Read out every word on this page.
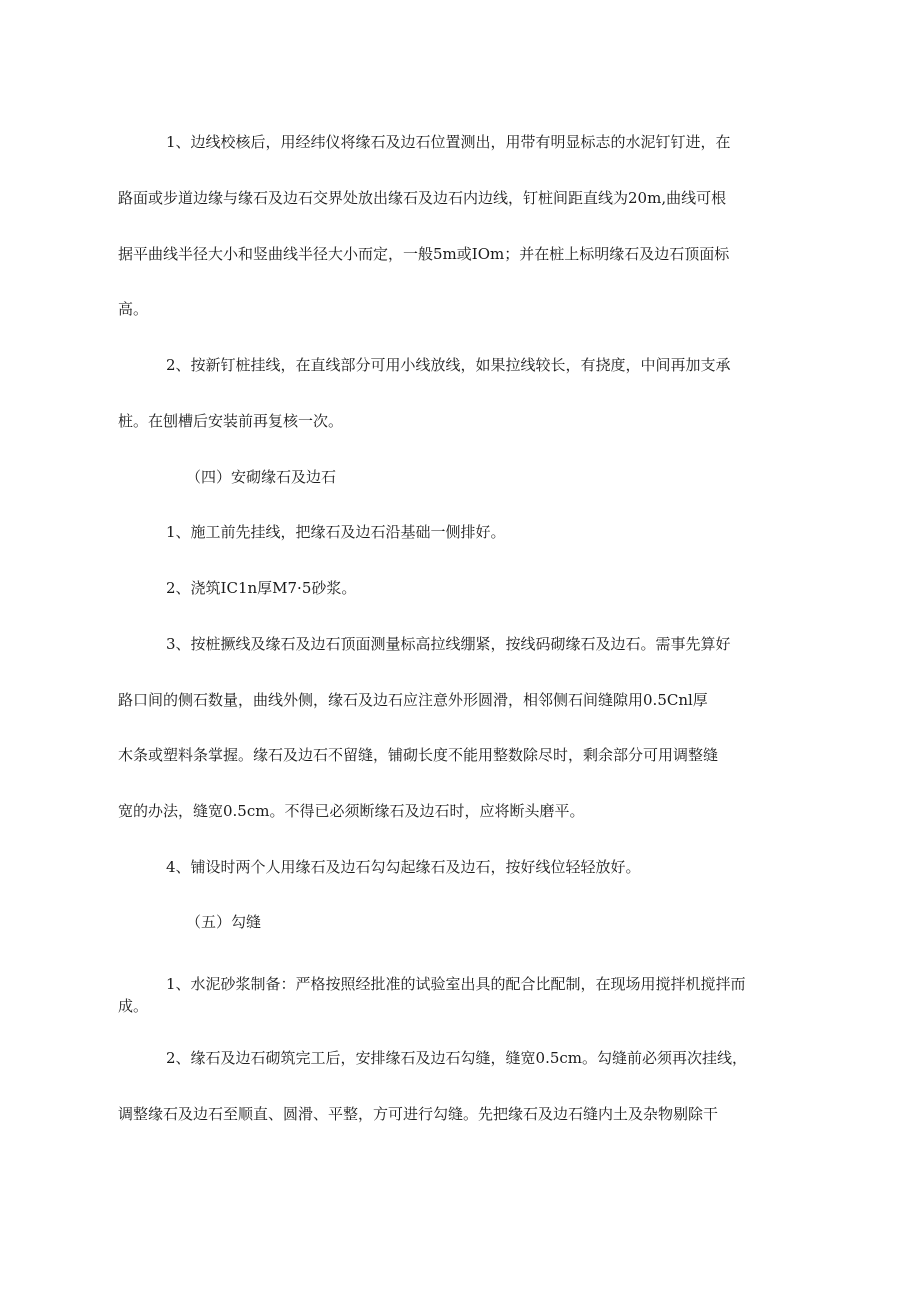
1、边线校核后，用经纬仪将缘石及边石位置测出，用带有明显标志的水泥钉钉进，在
路面或步道边缘与缘石及边石交界处放出缘石及边石内边线，钉桩间距直线为20m,曲线可根
据平曲线半径大小和竖曲线半径大小而定，一般5m或IOm；并在桩上标明缘石及边石顶面标
高。
2、按新钉桩挂线，在直线部分可用小线放线，如果拉线较长，有挠度，中间再加支承
桩。在刨槽后安装前再复核一次。
（四）安砌缘石及边石
1、施工前先挂线，把缘石及边石沿基础一侧排好。
2、浇筑IC1n厚M7·5砂浆。
3、按桩撅线及缘石及边石顶面测量标高拉线绷紧，按线码砌缘石及边石。需事先算好
路口间的侧石数量，曲线外侧，缘石及边石应注意外形圆滑，相邻侧石间缝隙用0.5Cnl厚
木条或塑料条掌握。缘石及边石不留缝，铺砌长度不能用整数除尽时，剩余部分可用调整缝
宽的办法，缝宽0.5cm。不得已必须断缘石及边石时，应将断头磨平。
4、铺设时两个人用缘石及边石勾勾起缘石及边石，按好线位轻轻放好。
（五）勾缝
1、水泥砂浆制备：严格按照经批准的试验室出具的配合比配制，在现场用搅拌机搅拌而
成。
2、缘石及边石砌筑完工后，安排缘石及边石勾缝，缝宽0.5cm。勾缝前必须再次挂线，
调整缘石及边石至顺直、圆滑、平整，方可进行勾缝。先把缘石及边石缝内土及杂物剔除干
